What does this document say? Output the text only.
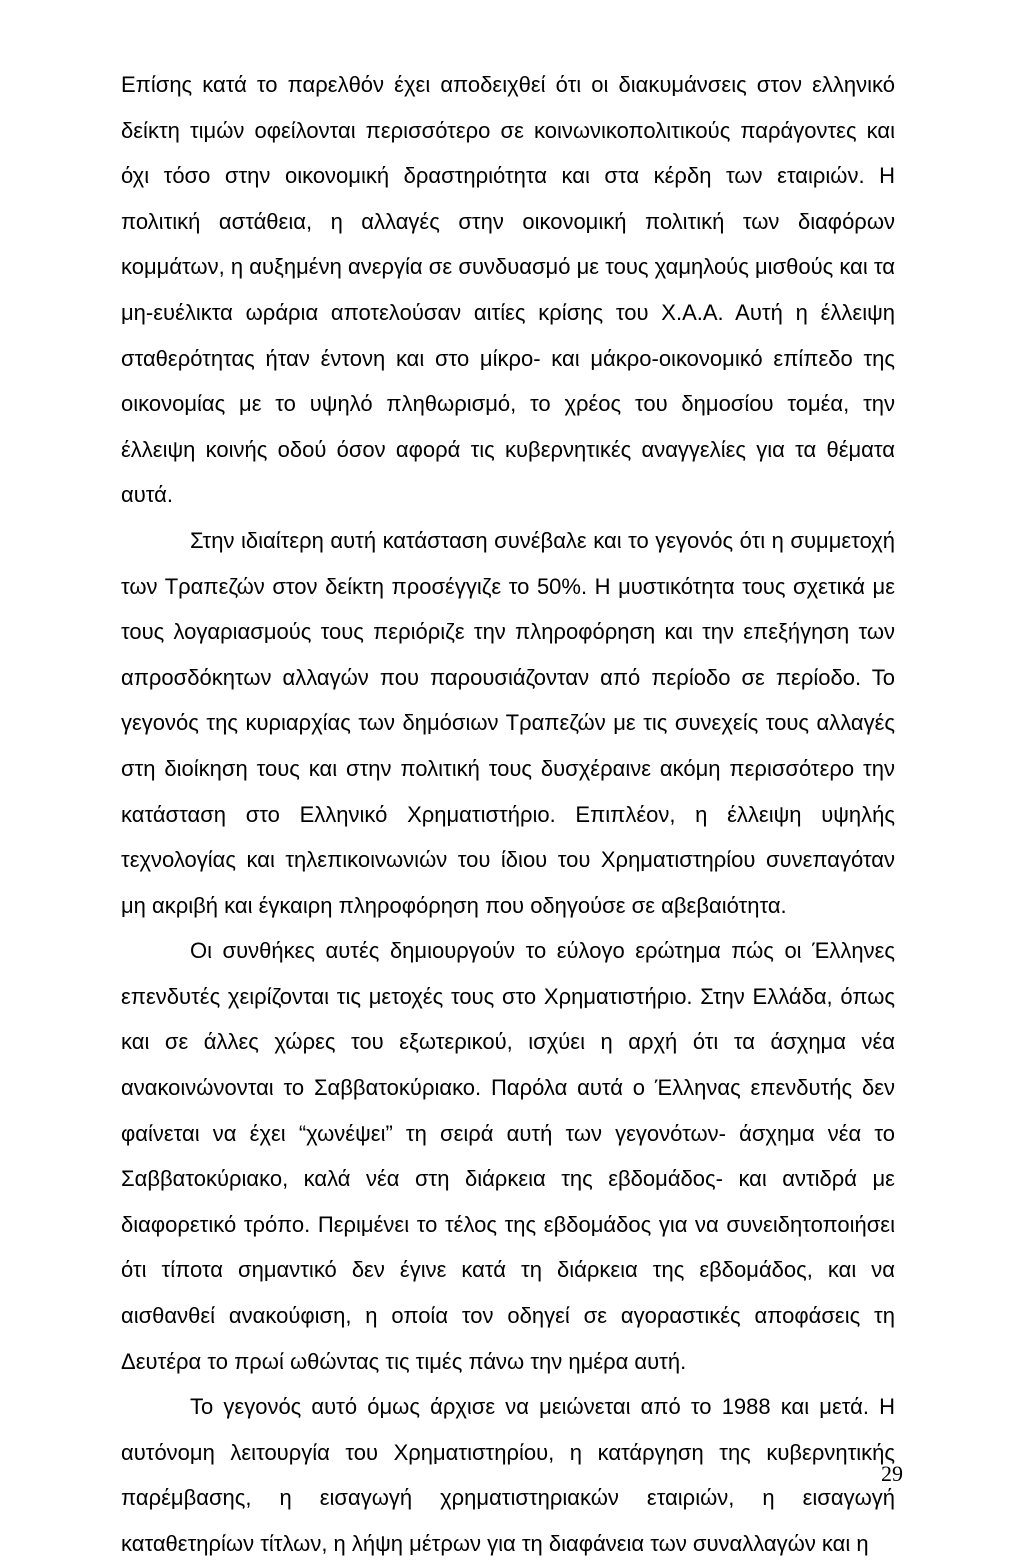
Επίσης κατά το παρελθόν έχει αποδειχθεί ότι οι διακυμάνσεις στον ελληνικό δείκτη τιμών οφείλονται περισσότερο σε κοινωνικοπολιτικούς παράγοντες και όχι τόσο στην οικονομική δραστηριότητα και στα κέρδη των εταιριών. Η πολιτική αστάθεια, η αλλαγές στην οικονομική πολιτική των διαφόρων κομμάτων, η αυξημένη ανεργία σε συνδυασμό με τους χαμηλούς μισθούς και τα μη-ευέλικτα ωράρια αποτελούσαν αιτίες κρίσης του Χ.Α.Α. Αυτή η έλλειψη σταθερότητας ήταν έντονη και στο μίκρο- και μάκρο-οικονομικό επίπεδο της οικονομίας με το υψηλό πληθωρισμό, το χρέος του δημοσίου τομέα, την έλλειψη κοινής οδού όσον αφορά τις κυβερνητικές αναγγελίες για τα θέματα αυτά.

Στην ιδιαίτερη αυτή κατάσταση συνέβαλε και το γεγονός ότι η συμμετοχή των Τραπεζών στον δείκτη προσέγγιζε το 50%. Η μυστικότητα τους σχετικά με τους λογαριασμούς τους περιόριζε την πληροφόρηση και την επεξήγηση των απροσδόκητων αλλαγών που παρουσιάζονταν από περίοδο σε περίοδο. Το γεγονός της κυριαρχίας των δημόσιων Τραπεζών με τις συνεχείς τους αλλαγές στη διοίκηση τους και στην πολιτική τους δυσχέραινε ακόμη περισσότερο την κατάσταση στο Ελληνικό Χρηματιστήριο. Επιπλέον, η έλλειψη υψηλής τεχνολογίας και τηλεπικοινωνιών του ίδιου του Χρηματιστηρίου συνεπαγόταν μη ακριβή και έγκαιρη πληροφόρηση που οδηγούσε σε αβεβαιότητα.

Οι συνθήκες αυτές δημιουργούν το εύλογο ερώτημα πώς οι Έλληνες επενδυτές χειρίζονται τις μετοχές τους στο Χρηματιστήριο. Στην Ελλάδα, όπως και σε άλλες χώρες του εξωτερικού, ισχύει η αρχή ότι τα άσχημα νέα ανακοινώνονται το Σαββατοκύριακο. Παρόλα αυτά ο Έλληνας επενδυτής δεν φαίνεται να έχει “χωνέψει” τη σειρά αυτή των γεγονότων- άσχημα νέα το Σαββατοκύριακο, καλά νέα στη διάρκεια της εβδομάδος- και αντιδρά με διαφορετικό τρόπο. Περιμένει το τέλος της εβδομάδος για να συνειδητοποιήσει ότι τίποτα σημαντικό δεν έγινε κατά τη διάρκεια της εβδομάδος, και να αισθανθεί ανακούφιση, η οποία τον οδηγεί σε αγοραστικές αποφάσεις τη Δευτέρα το πρωί ωθώντας τις τιμές πάνω την ημέρα αυτή.

Το γεγονός αυτό όμως άρχισε να μειώνεται από το 1988 και μετά. Η αυτόνομη λειτουργία του Χρηματιστηρίου, η κατάργηση της κυβερνητικής παρέμβασης, η εισαγωγή χρηματιστηριακών εταιριών, η εισαγωγή καταθετηρίων τίτλων, η λήψη μέτρων για τη διαφάνεια των συναλλαγών και η

29
